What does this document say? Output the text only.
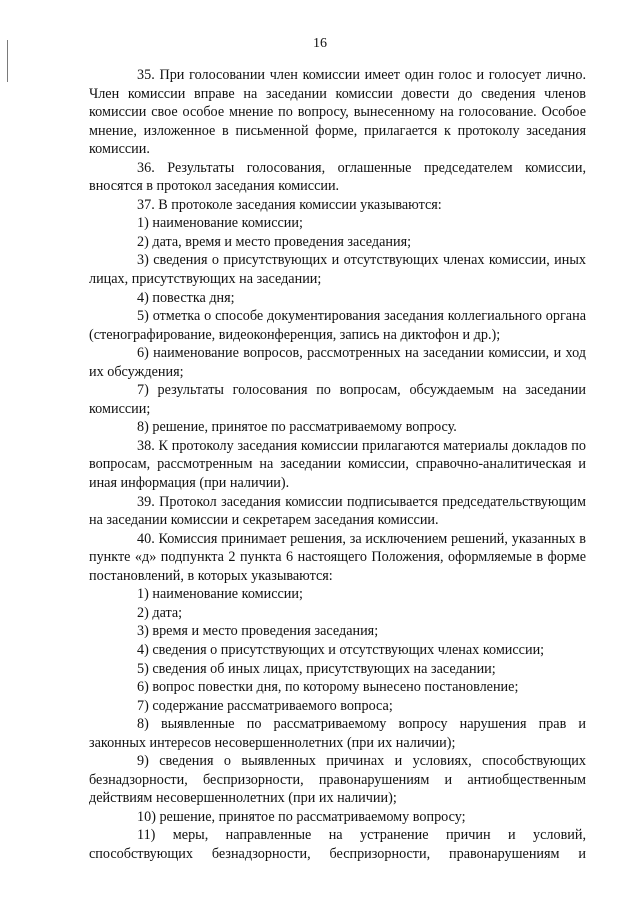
16

35. При голосовании член комиссии имеет один голос и голосует лично. Член комиссии вправе на заседании комиссии довести до сведения членов комиссии свое особое мнение по вопросу, вынесенному на голосование. Особое мнение, изложенное в письменной форме, прилагается к протоколу заседания комиссии.

36. Результаты голосования, оглашенные председателем комиссии, вносятся в протокол заседания комиссии.

37. В протоколе заседания комиссии указываются:

1) наименование комиссии;

2) дата, время и место проведения заседания;

3) сведения о присутствующих и отсутствующих членах комиссии, иных лицах, присутствующих на заседании;

4) повестка дня;

5) отметка о способе документирования заседания коллегиального органа (стенографирование, видеоконференция, запись на диктофон и др.);

6) наименование вопросов, рассмотренных на заседании комиссии, и ход их обсуждения;

7) результаты голосования по вопросам, обсуждаемым на заседании комиссии;

8) решение, принятое по рассматриваемому вопросу.

38. К протоколу заседания комиссии прилагаются материалы докладов по вопросам, рассмотренным на заседании комиссии, справочно-аналитическая и иная информация (при наличии).

39. Протокол заседания комиссии подписывается председательствующим на заседании комиссии и секретарем заседания комиссии.

40. Комиссия принимает решения, за исключением решений, указанных в пункте «д» подпункта 2 пункта 6 настоящего Положения, оформляемые в форме постановлений, в которых указываются:

1) наименование комиссии;

2) дата;

3) время и место проведения заседания;

4) сведения о присутствующих и отсутствующих членах комиссии;

5) сведения об иных лицах, присутствующих на заседании;

6) вопрос повестки дня, по которому вынесено постановление;

7) содержание рассматриваемого вопроса;

8) выявленные по рассматриваемому вопросу нарушения прав и законных интересов несовершеннолетних (при их наличии);

9) сведения о выявленных причинах и условиях, способствующих безнадзорности, беспризорности, правонарушениям и антиобщественным действиям несовершеннолетних (при их наличии);

10) решение, принятое по рассматриваемому вопросу;

11) меры, направленные на устранение причин и условий, способствующих безнадзорности, беспризорности, правонарушениям и
